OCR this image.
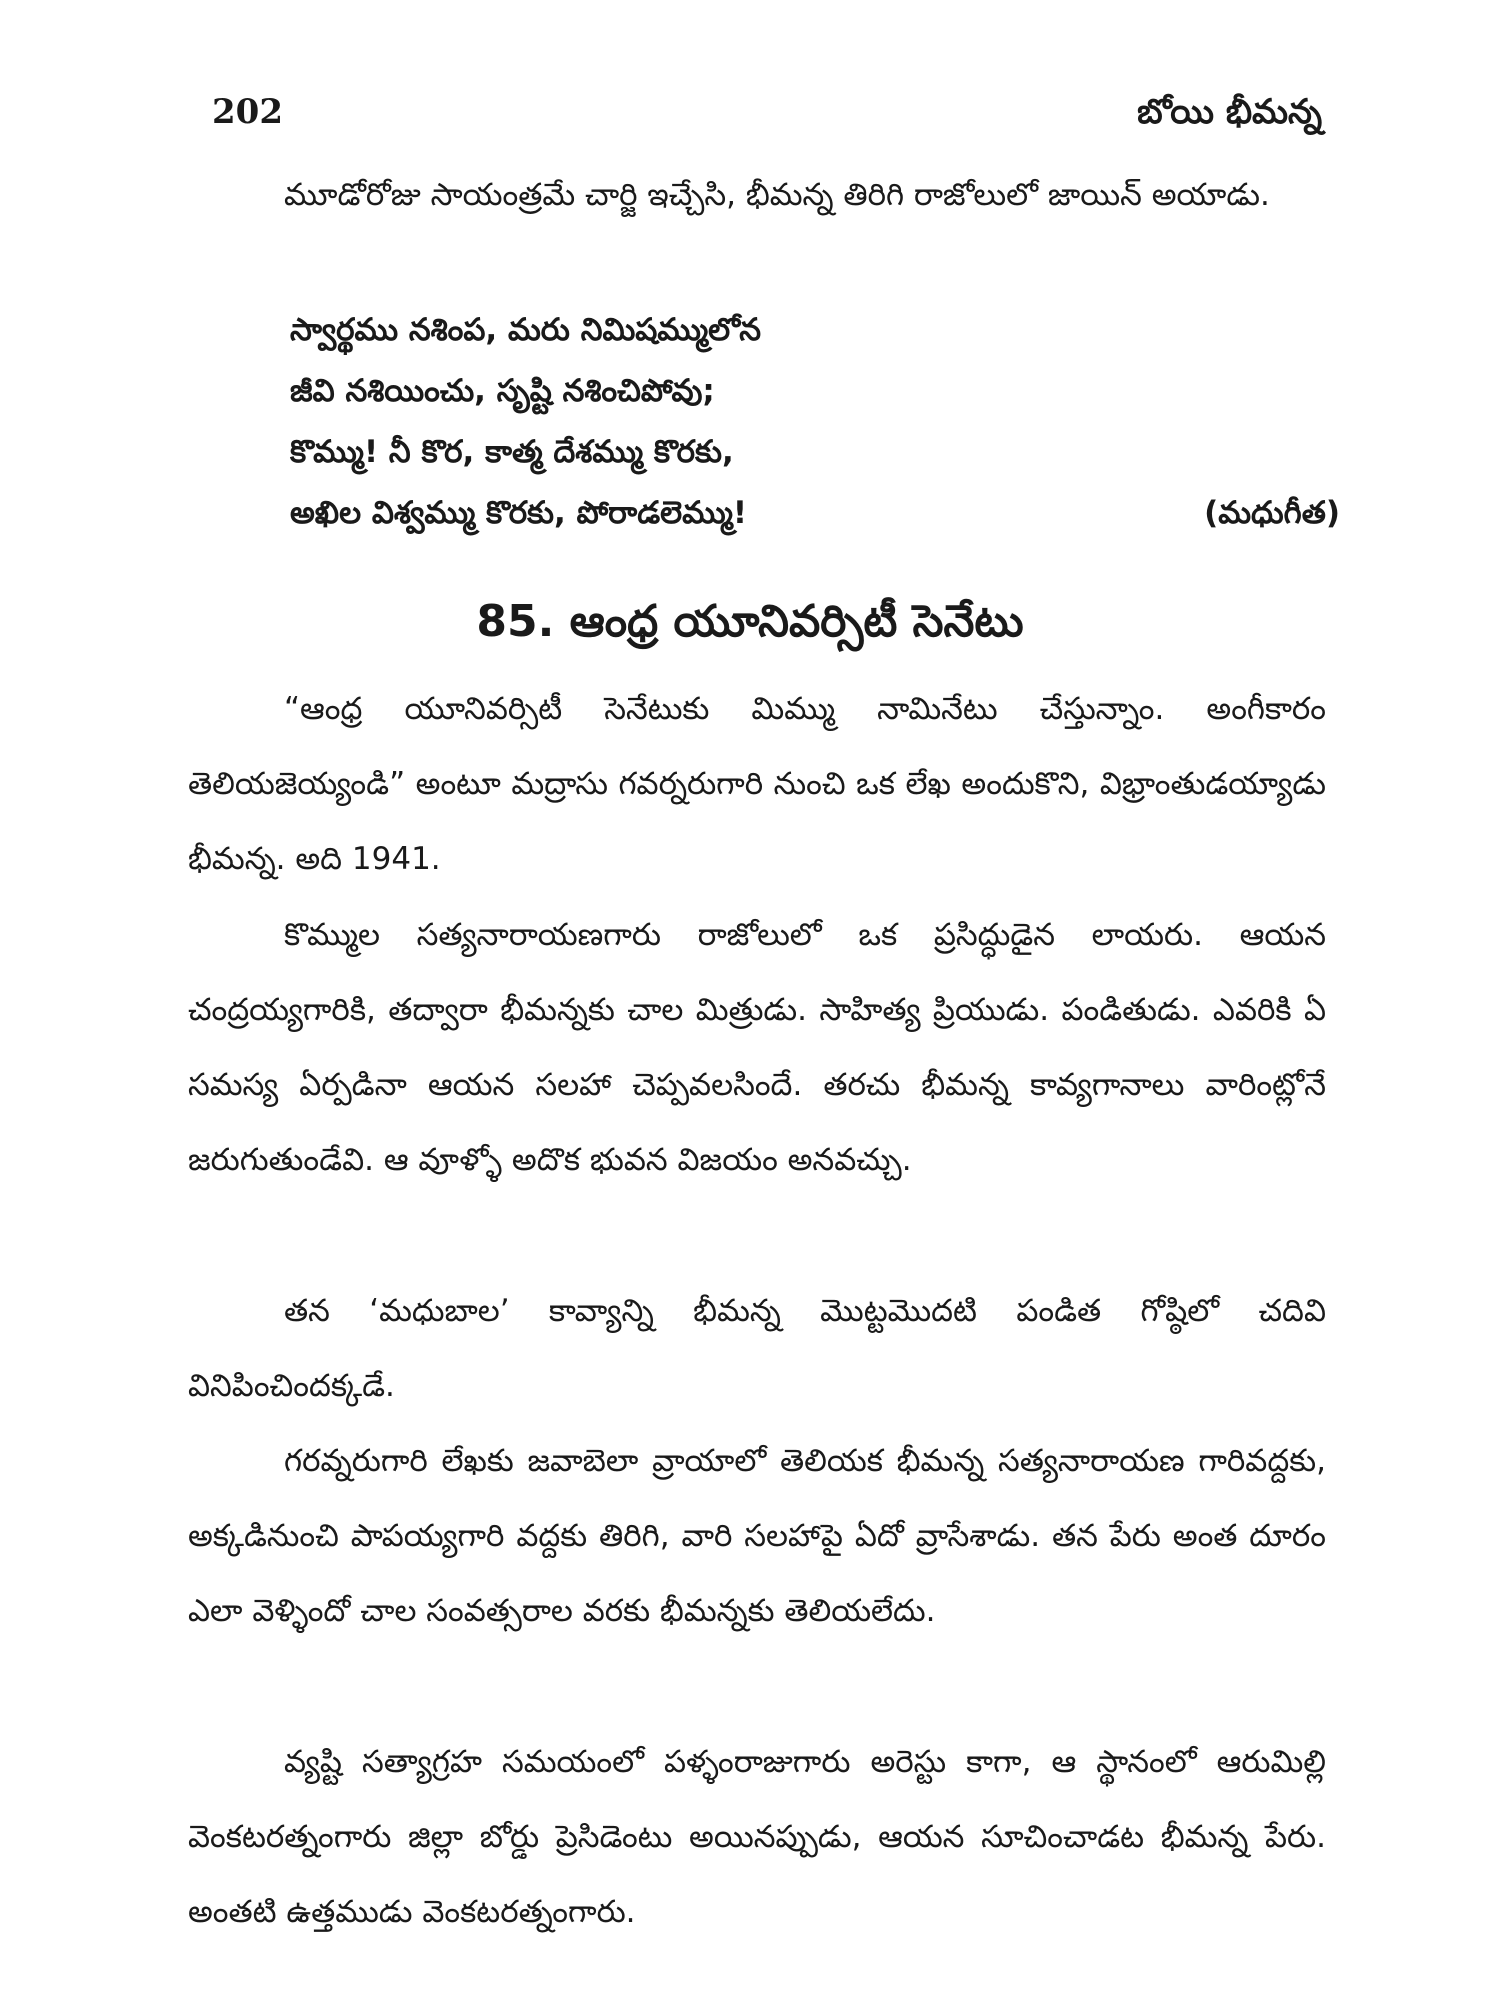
202	బోయి భీమన్న

మూడోరోజు సాయంత్రమే చార్జి ఇచ్చేసి, భీమన్న తిరిగి రాజోలులో జాయిన్ అయాడు.

స్వార్థము నశింప, మరు నిమిషమ్ములోన
జీవి నశియించు, సృష్టి నశించిపోవు;
కొమ్ము! నీ కొర, కాత్మ దేశమ్ము కొరకు,
అఖిల విశ్వమ్ము కొరకు, పోరాడలెమ్ము!	(మధుగీత)
85. ఆంధ్ర యూనివర్సిటీ సెనేటు

“ఆంధ్ర యూనివర్సిటీ సెనేటుకు మిమ్ము నామినేటు చేస్తున్నాం. అంగీకారం తెలియజెయ్యండి” అంటూ మద్రాసు గవర్నరుగారి నుంచి ఒక లేఖ అందుకొని, విభ్రాంతుడయ్యాడు భీమన్న. అది 1941.

కొమ్ముల సత్యనారాయణగారు రాజోలులో ఒక ప్రసిద్ధుడైన లాయరు. ఆయన చంద్రయ్యగారికి, తద్వారా భీమన్నకు చాల మిత్రుడు. సాహిత్య ప్రియుడు. పండితుడు. ఎవరికి ఏ సమస్య ఏర్పడినా ఆయన సలహా చెప్పవలసిందే. తరచు భీమన్న కావ్యగానాలు వారింట్లోనే జరుగుతుండేవి. ఆ వూళ్ళో అదొక భువన విజయం అనవచ్చు.

తన ‘మధుబాల’ కావ్యాన్ని భీమన్న మొట్టమొదటి పండిత గోష్ఠిలో చదివి వినిపించిందక్కడే.

గరవ్నరుగారి లేఖకు జవాబెలా వ్రాయాలో తెలియక భీమన్న సత్యనారాయణ గారివద్దకు, అక్కడినుంచి పాపయ్యగారి వద్దకు తిరిగి, వారి సలహాపై ఏదో వ్రాసేశాడు. తన పేరు అంత దూరం ఎలా వెళ్ళిందో చాల సంవత్సరాల వరకు భీమన్నకు తెలియలేదు.

వ్యష్టి సత్యాగ్రహ సమయంలో పళ్ళంరాజుగారు అరెస్టు కాగా, ఆ స్థానంలో ఆరుమిల్లి వెంకటరత్నంగారు జిల్లా బోర్డు ప్రెసిడెంటు అయినప్పుడు, ఆయన సూచించాడట భీమన్న పేరు. అంతటి ఉత్తముడు వెంకటరత్నంగారు.
